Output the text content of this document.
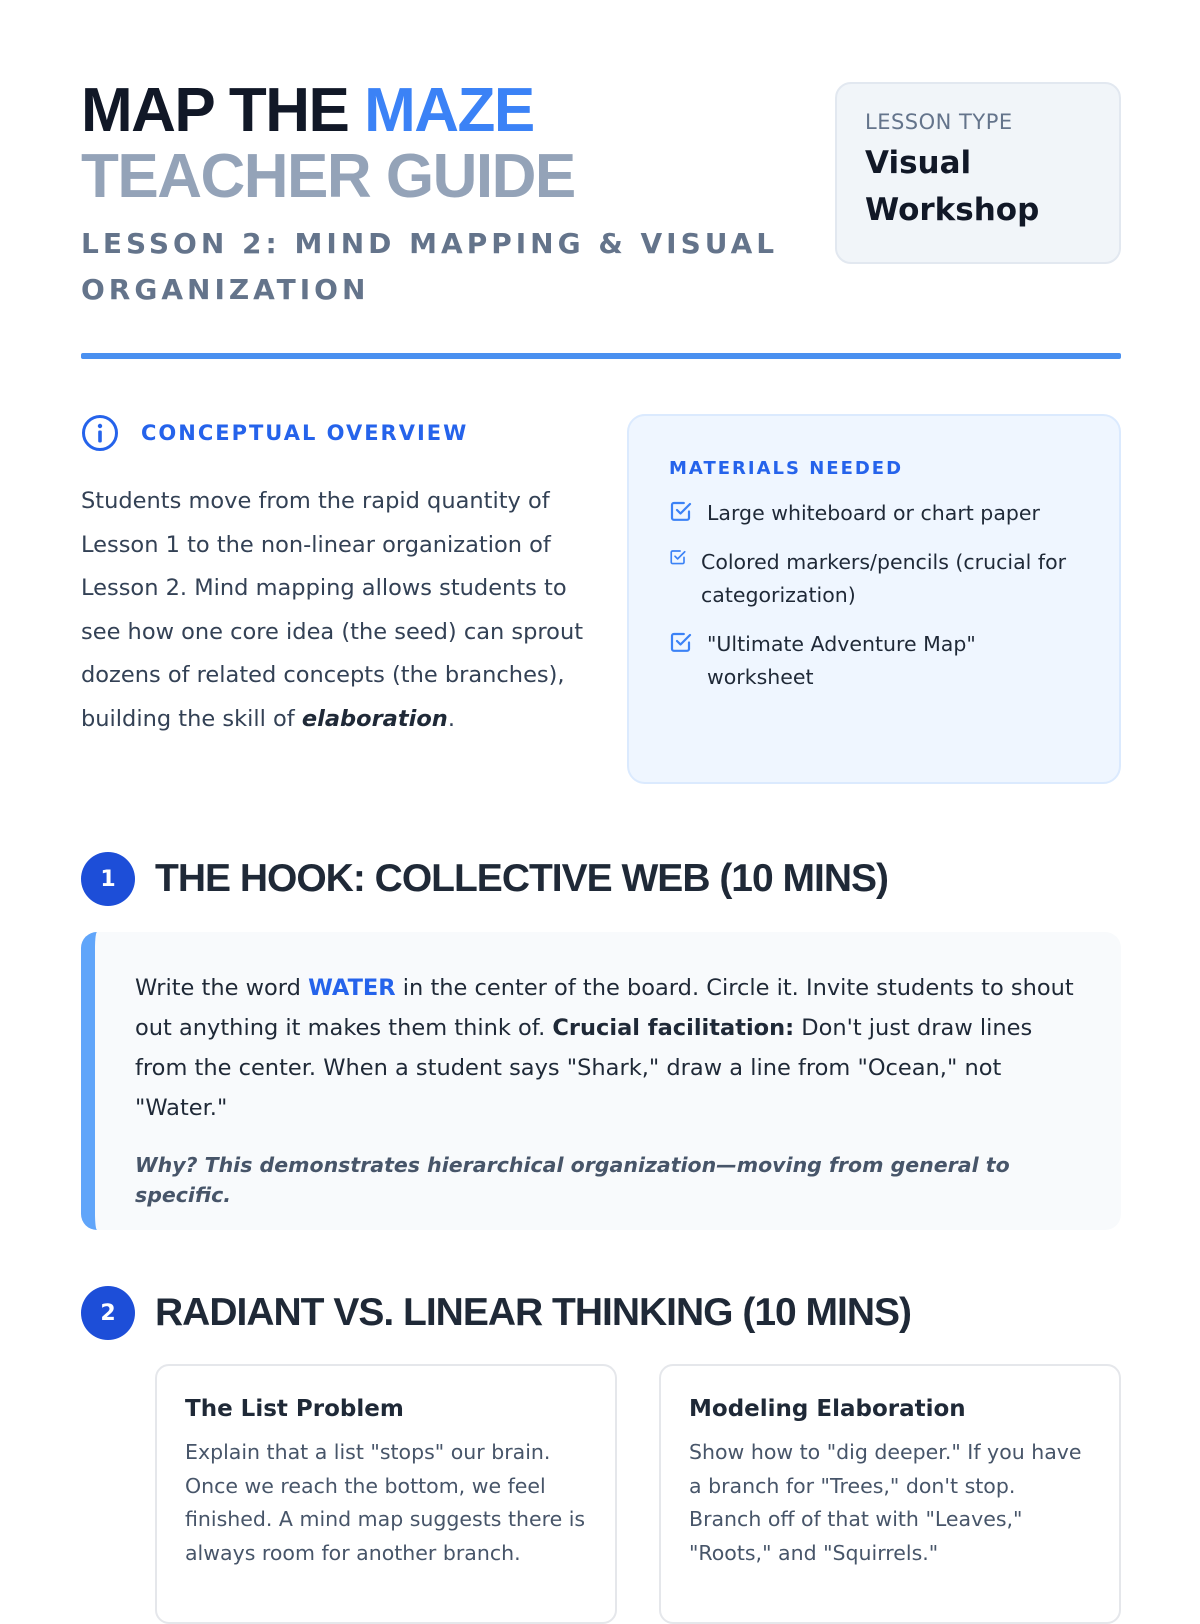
MAP THE MAZE TEACHER GUIDE

LESSON 2: MIND MAPPING & VISUAL ORGANIZATION

LESSON TYPE
Visual
Workshop
CONCEPTUAL OVERVIEW

Students move from the rapid quantity of Lesson 1 to the non-linear organization of Lesson 2. Mind mapping allows students to see how one core idea (the seed) can sprout dozens of related concepts (the branches), building the skill of elaboration.

MATERIALS NEEDED
Large whiteboard or chart paper
Colored markers/pencils (crucial for categorization)
"Ultimate Adventure Map" worksheet
1	THE HOOK: COLLECTIVE WEB (10 MINS)

Write the word WATER in the center of the board. Circle it. Invite students to shout out anything it makes them think of. Crucial facilitation: Don't just draw lines from the center. When a student says "Shark," draw a line from "Ocean," not "Water."

Why? This demonstrates hierarchical organization—moving from general to specific.

2	RADIANT VS. LINEAR THINKING (10 MINS)
The List Problem

Explain that a list "stops" our brain. Once we reach the bottom, we feel finished. A mind map suggests there is always room for another branch.

Modeling Elaboration

Show how to "dig deeper." If you have a branch for "Trees," don't stop. Branch off of that with "Leaves," "Roots," and "Squirrels."
